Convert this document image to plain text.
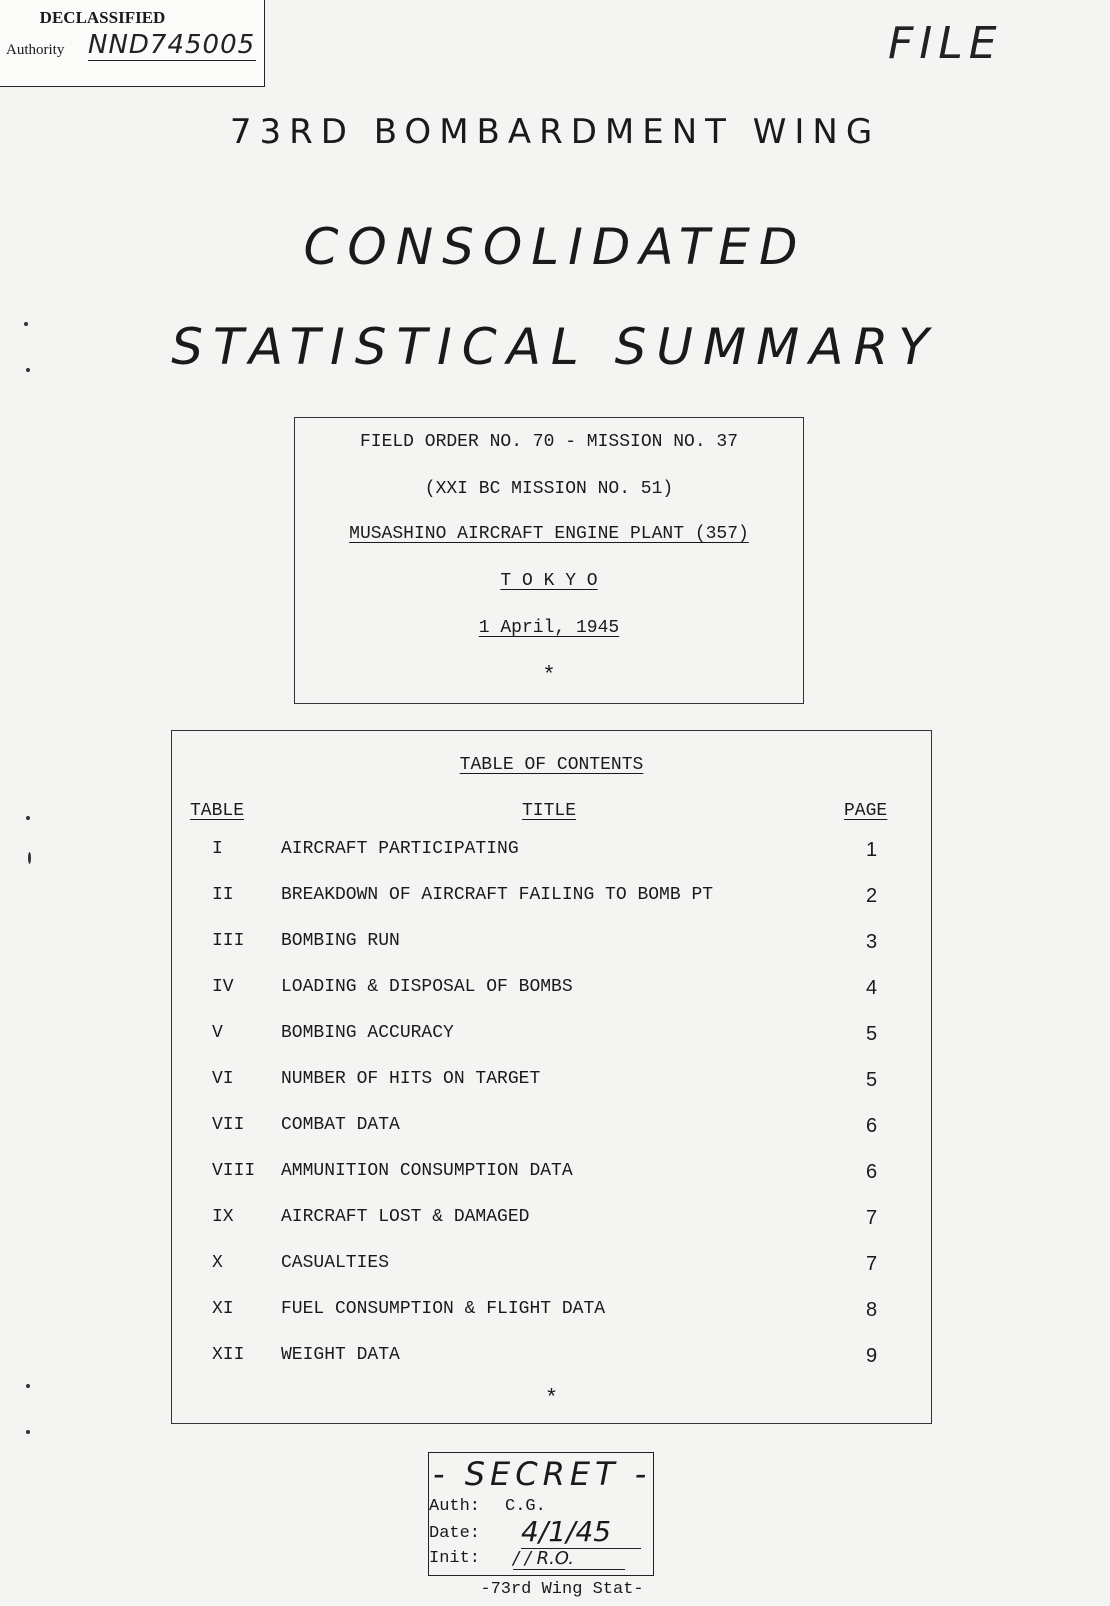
DECLASSIFIED
Authority NND745005	FILE
73RD BOMBARDMENT WING
CONSOLIDATED
STATISTICAL SUMMARY
FIELD ORDER NO. 70 - MISSION NO. 37
(XXI BC MISSION NO. 51)
MUSASHINO AIRCRAFT ENGINE PLANT (357)
T O K Y O
1 April, 1945
*
TABLE OF CONTENTS
TABLE	TITLE	PAGE
I	AIRCRAFT PARTICIPATING	1
II	BREAKDOWN OF AIRCRAFT FAILING TO BOMB PT	2
III BOMBING RUN	3
IV	LOADING & DISPOSAL OF BOMBS	4
V	BOMBING ACCURACY	5
VI	NUMBER OF HITS ON TARGET	5
VII COMBAT DATA	6
VIII AMMUNITION CONSUMPTION DATA	6
IX	AIRCRAFT LOST & DAMAGED	7
X	CASUALTIES	7
XI	FUEL CONSUMPTION & FLIGHT DATA	8
XII WEIGHT DATA	9
*
- SECRET -
Auth: C.G.
Date: 4/1/45
Init: / / R.O.
-73rd Wing Stat-
